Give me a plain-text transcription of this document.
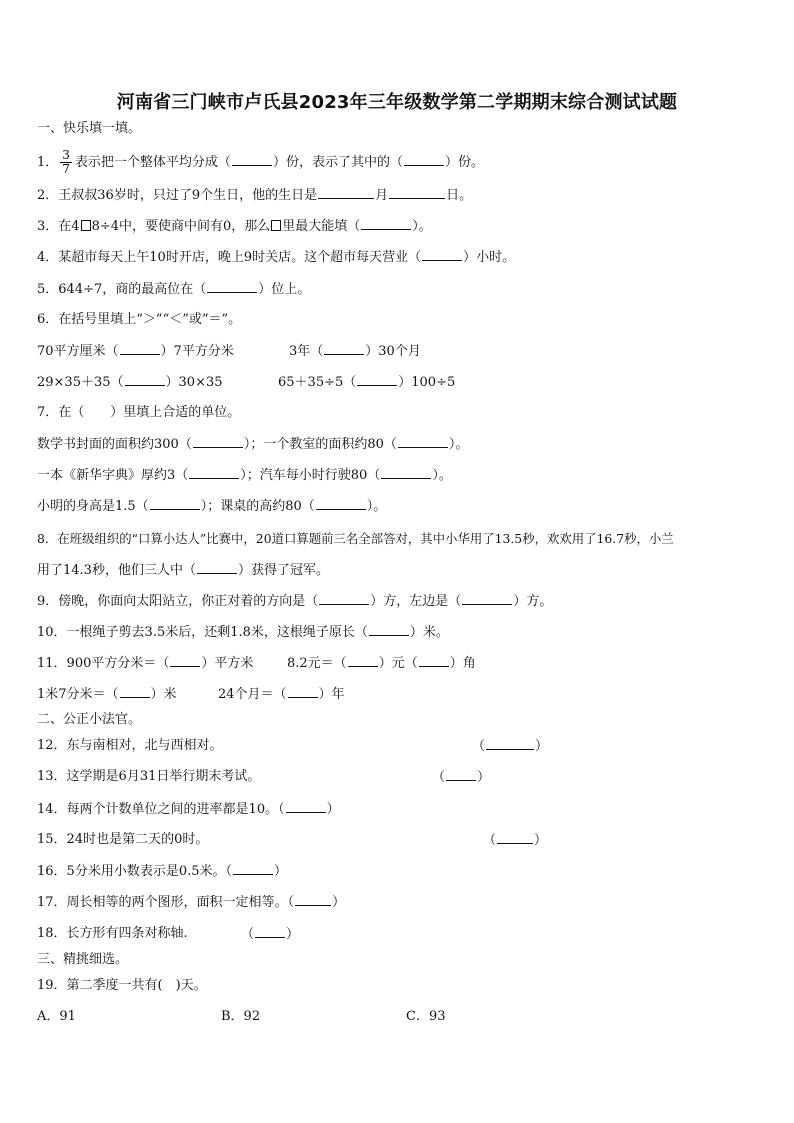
河南省三门峡市卢氏县2023年三年级数学第二学期期末综合测试试题
一、快乐填一填。
1． $\frac{3}{7}$ 表示把一个整体平均分成（	）份，表示了其中的（	）份。
2．王叔叔36岁时，只过了9个生日，他的生日是	月	日。
3．在4 8÷4中，要使商中间有0，那么 里最大能填（	）。
4．某超市每天上午10时开店，晚上9时关店。这个超市每天营业（	）小时。
5．644÷7，商的最高位在（	）位上。
6．在括号里填上“＞”“＜”或“＝”。
70平方厘米（	）7平方分米	3年（	）30个月
29×35＋35（	）30×35	65＋35÷5（	）100÷5
7．在（　　）里填上合适的单位。
数学书封面的面积约300（	）；一个教室的面积约80（	）。
一本《新华字典》厚约3（	）；汽车每小时行驶80（	）。
小明的身高是1.5（	）；课桌的高约80（	）。
8．在班级组织的“口算小达人”比赛中，20道口算题前三名全部答对，其中小华用了13.5秒，欢欢用了16.7秒，小兰
用了14.3秒，他们三人中（	）获得了冠军。
9．傍晚，你面向太阳站立，你正对着的方向是（	）方，左边是（	）方。
10．一根绳子剪去3.5米后，还剩1.8米，这根绳子原长（	）米。
11．900平方分米＝（ ）平方米	8.2元＝（ ）元（ ）角
1米7分米＝（ ）米	24个月＝（ ）年
二、公正小法官。
12．东与南相对，北与西相对。	（	）
13．这学期是6月31日举行期末考试。	（ ）
14．每两个计数单位之间的进率都是10。（	）
15．24时也是第二天的0时。	（	）
16．5分米用小数表示是0.5米。（	）
17．周长相等的两个图形，面积一定相等。（	）
18．长方形有四条对称轴.	（ ）
三、精挑细选。
19．第二季度一共有(　)天。
A．91	B．92	C．93
